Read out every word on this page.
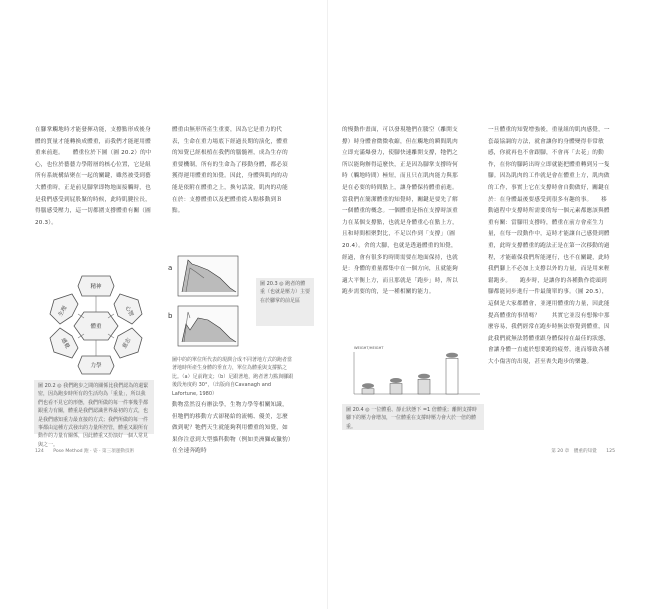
在腳掌觸地時才能發揮功能，支撐點形成後身體的質量才能轉換成體重，而我們才能運用體重來前進。　　體重位於下圖（圖 20.2）的中心，也位於藝藝力學階層的核心位置，它是組所有系統構結聚在一起的關鍵，雖然被受到藝大體重時，正是前見腳掌即物地面接觸時，也是我們感受到屁股緊的時候，此時肌腱拉長，得腦感受壓力，這一切都圍支撐體重有關（圖 20.3）。

體重
精神
心智
意志
力學
感覺
生理
圖 20.2 ◎ 我們跑步之間的關係比我們認為的還緊密，因為跑步時所有的生活均為「重量」，所以我們也看不見它的形態，我們所做的每一件事幾乎都跟重力有關，體重是我們認識世界最初的方式，也是我們感知重力最直接的方式；我們所做的每一件事都由這種方式發出的力量所控管，體重又跟所有動作的力量有關係，因此體重又扮演好一個人常見與之一。

體重由無形所產生重要，因為它是重力的代表，生命在重力場底下經過長期的演化，體重的知覺已經根植在我們的腦髓裡，成為生存的重要機制，所有的生命為了移動身體，都必須獲得運用體重的知覺。因此，身體與肌肉的功能是依附在體重之上，換句話說，肌肉的功能在於：支撐體重以及把體重從Ａ點移動到Ｂ點。

a
b
圖 20.3 ◎ 跑者的體重（也就是壓力）主要在於腳掌的前足區
圖中的的單位所代表的現潤合成不同著地方式的跑者當著地時所產生身體的垂直力，單位為體重與支撐點之比。（a）足前跑支；（b）足跟著地，跑者著力點與腳跟後段角度約 30°，（出版商自Cavanagh and Lafortune, 1980）

動物當然沒有辦法學，生物力學等相關知識，但牠們的移動方式卻秘給的流暢、優美，怎麼做到呢？牠們天生就能夠利用體重的知覺，如果你注意到大型貓科動物（例如美洲獅或獵豹）在全速奔跑時

124 Pose Method 跑 ‧ 姿 ‧ 第三項運動技術

的慢動作畫面，可以發現牠們在騰空（離開支撐）時身體會微微收縮，但在觸地的瞬間肌肉立即充滿爆發力，使腳快速離開支撐，牠們之所以能夠辦得這麼快，正是因為腳掌支撐時何時（觸地時間）極短，而且只在肌肉能力與那是在必要的時間點上，讓身體保持體重前進。　　當我們在簡潔體重的知覺時，關鍵是要先了解一個體重的概念。一個體重是指在支撐時該重力在某個支撐點，也就是身體重心在點上方，且和時間相聚對比，不足以作到「支撐」（圖 20.4）。舍的大腳，也就是透過體重的知覺，經過，會有很多的時間需要在地面保持，也就是：身體的重量都集中在一個方向，且就能夠適大平衡上方，而且那就是「跑步」時，所以跑步需要的的，是一種相關的能力。

WEIGHT/HEIGHT
圖 20.4 ◎ 一位體重、靜止狀態下 =1 倍體重；離開支撐時腳下的壓力會增加，一位體重在支撐時壓力會大於一倍的體重。

一旦體重的知覺增強後，重量組的肌肉感覺，一套最協調的方法，就會讓你的身體變得非常敏感，你就再也不會跟腳，不會再「去花」的動作，在你的腳跨出時立即就能把體重轉到另一隻腳。因為肌肉的工作就是會在體重上方，肌肉做的工作，事實上它在支撐時會自動做好，關鍵在於：在身體最後要感受到很多有趣的事。　　移動過程中支撐時所需要的每一個元素都應該與體重有關：當腳用支撐時，體重在前方會產生力量，在每一段動作中，這時才能讓自己感覺到體重，此時支撐體重的跑法正是在第一次移動的過程，才能確保我們所能運行，也不在關鍵，此時我們腳上不必加上支撐以外的力量，而是用來輕鬆跑步。　　跑步時，是讓你的各種動作從頭到腳都能同步進行一件最簡單的事。（圖 20.5），這個是大家都體會，並運用體重的力量，因此能提高體重的事情嗎？　　其實它並沒有想像中那麼容易，我們經常在跑步時無法察覺到體重，因此我們就無法將體重跟身體保持在最佳的狀態，會讓身體一直處於想要跑的疲勞，進而導致各種大小傷害的出現，甚至喪失跑步的樂趣。

第 20 章　體重的知覺 125
